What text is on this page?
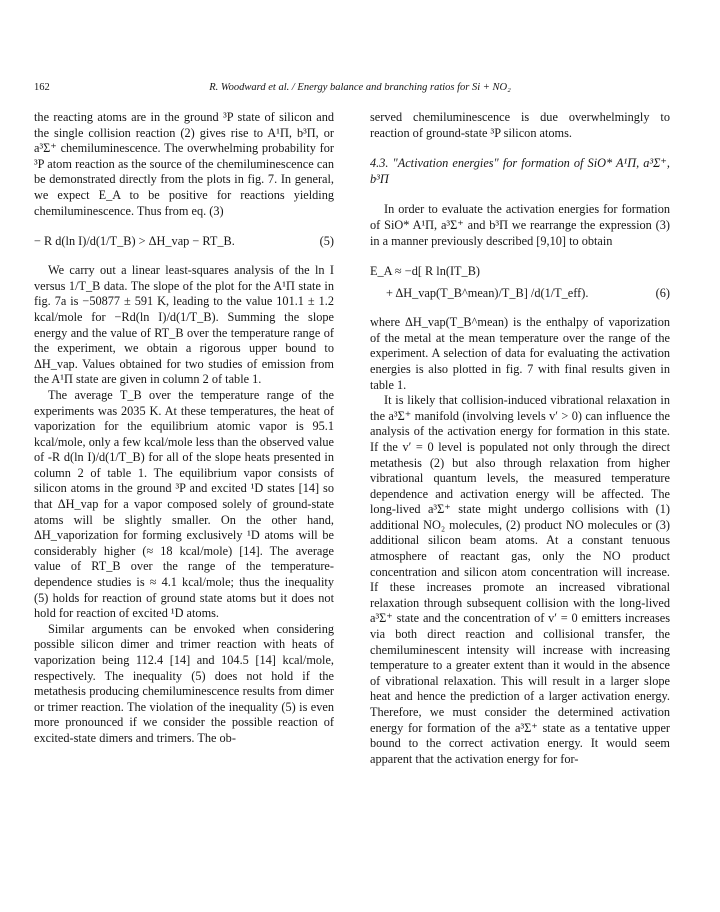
162	R. Woodward et al. / Energy balance and branching ratios for Si + NO₂

the reacting atoms are in the ground ³P state of silicon and the single collision reaction (2) gives rise to A¹Π, b³Π, or a³Σ⁺ chemiluminescence. The overwhelming probability for ³P atom reaction as the source of the chemiluminescence can be demonstrated directly from the plots in fig. 7. In general, we expect E_A to be positive for reactions yielding chemiluminescence. Thus from eq. (3)

− R d(ln I)/d(1/T_B) > ΔH_vap − RT_B.	(5)

We carry out a linear least-squares analysis of the ln I versus 1/T_B data. The slope of the plot for the A¹Π state in fig. 7a is −50877 ± 591 K, leading to the value 101.1 ± 1.2 kcal/mole for −Rd(ln I)/d(1/T_B). Summing the slope energy and the value of RT_B over the temperature range of the experiment, we obtain a rigorous upper bound to ΔH_vap. Values obtained for two studies of emission from the A¹Π state are given in column 2 of table 1.

The average T_B over the temperature range of the experiments was 2035 K. At these temperatures, the heat of vaporization for the equilibrium atomic vapor is 95.1 kcal/mole, only a few kcal/mole less than the observed value of -R d(ln I)/d(1/T_B) for all of the slope heats presented in column 2 of table 1. The equilibrium vapor consists of silicon atoms in the ground ³P and excited ¹D states [14] so that ΔH_vap for a vapor composed solely of ground-state atoms will be slightly smaller. On the other hand, ΔH_vaporization for forming exclusively ¹D atoms will be considerably higher (≈ 18 kcal/mole) [14]. The average value of RT_B over the range of the temperature-dependence studies is ≈ 4.1 kcal/mole; thus the inequality (5) holds for reaction of ground state atoms but it does not hold for reaction of excited ¹D atoms.

Similar arguments can be envoked when considering possible silicon dimer and trimer reaction with heats of vaporization being 112.4 [14] and 104.5 [14] kcal/mole, respectively. The inequality (5) does not hold if the metathesis producing chemiluminescence results from dimer or trimer reaction. The violation of the inequality (5) is even more pronounced if we consider the possible reaction of excited-state dimers and trimers. The ob-

served chemiluminescence is due overwhelmingly to reaction of ground-state ³P silicon atoms.

4.3. "Activation energies" for formation of SiO* A¹Π, a³Σ⁺, b³Π

In order to evaluate the activation energies for formation of SiO* A¹Π, a³Σ⁺ and b³Π we rearrange the expression (3) in a manner previously described [9,10] to obtain

E_A ≈ −d[ R ln(IT_B)
+ ΔH_vap(T_B^mean)/T_B] /d(1/T_eff).	(6)

where ΔH_vap(T_B^mean) is the enthalpy of vaporization of the metal at the mean temperature over the range of the experiment. A selection of data for evaluating the activation energies is also plotted in fig. 7 with final results given in table 1.

It is likely that collision-induced vibrational relaxation in the a³Σ⁺ manifold (involving levels v′ > 0) can influence the analysis of the activation energy for formation in this state. If the v′ = 0 level is populated not only through the direct metathesis (2) but also through relaxation from higher vibrational quantum levels, the measured temperature dependence and activation energy will be affected. The long-lived a³Σ⁺ state might undergo collisions with (1) additional NO₂ molecules, (2) product NO molecules or (3) additional silicon beam atoms. At a constant tenuous atmosphere of reactant gas, only the NO product concentration and silicon atom concentration will increase. If these increases promote an increased vibrational relaxation through subsequent collision with the long-lived a³Σ⁺ state and the concentration of v′ = 0 emitters increases via both direct reaction and collisional transfer, the chemiluminescent intensity will increase with increasing temperature to a greater extent than it would in the absence of vibrational relaxation. This will result in a larger slope heat and hence the prediction of a larger activation energy. Therefore, we must consider the determined activation energy for formation of the a³Σ⁺ state as a tentative upper bound to the correct activation energy. It would seem apparent that the activation energy for for-
